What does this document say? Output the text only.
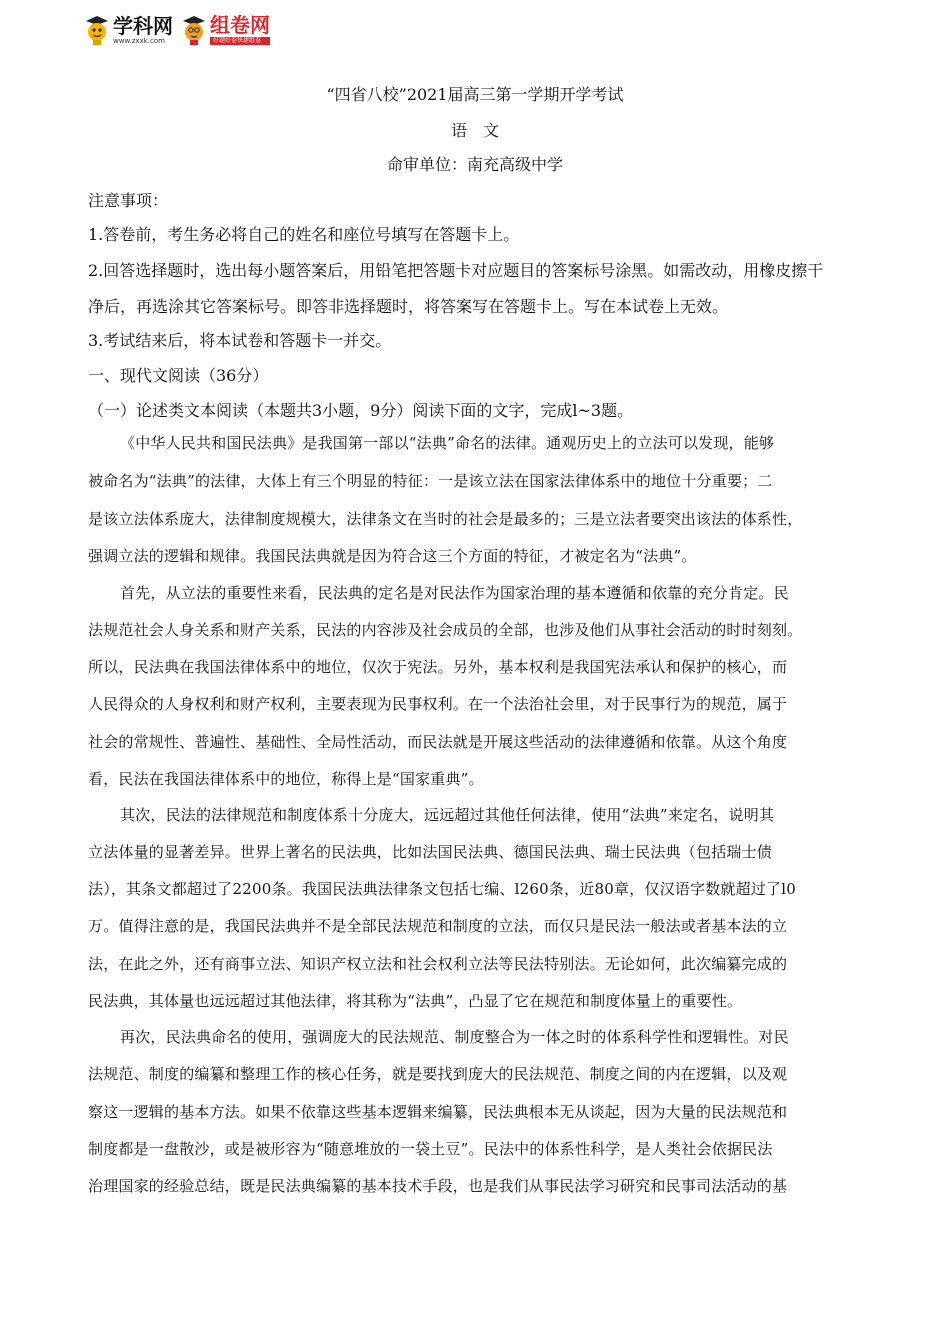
学科网
www.zxxk.com
组卷网
好题好卷快捷组卷
“四省八校”2021届高三第一学期开学考试
语　文
命审单位：南充高级中学
注意事项：
1.答卷前，考生务必将自己的姓名和座位号填写在答题卡上。
2.回答选择题时，选出每小题答案后，用铅笔把答题卡对应题目的答案标号涂黑。如需改动，用橡皮擦干
净后，再选涂其它答案标号。即答非选择题时，将答案写在答题卡上。写在本试卷上无效。
3.考试结来后，将本试卷和答题卡一并交。
一、现代文阅读（36分）
（一）论述类文本阅读（本题共3小题，9分）阅读下面的文字，完成l~3题。
《中华人民共和国民法典》是我国第一部以“法典”命名的法律。通观历史上的立法可以发现，能够
被命名为“法典”的法律，大体上有三个明显的特征：一是该立法在国家法律体系中的地位十分重要；二
是该立法体系庞大，法律制度规模大，法律条文在当时的社会是最多的；三是立法者要突出该法的体系性，
强调立法的逻辑和规律。我国民法典就是因为符合这三个方面的特征，才被定名为“法典”。
首先，从立法的重要性来看，民法典的定名是对民法作为国家治理的基本遵循和依靠的充分肯定。民
法规范社会人身关系和财产关系，民法的内容涉及社会成员的全部，也涉及他们从事社会活动的时时刻刻。
所以，民法典在我国法律体系中的地位，仅次于宪法。另外，基本权利是我国宪法承认和保护的核心，而
人民得众的人身权利和财产权利，主要表现为民事权利。在一个法治社会里，对于民事行为的规范，属于
社会的常规性、普遍性、基础性、全局性活动，而民法就是开展这些活动的法律遵循和依靠。从这个角度
看，民法在我国法律体系中的地位，称得上是“国家重典”。
其次，民法的法律规范和制度体系十分庞大，远远超过其他任何法律，使用“法典”来定名，说明其
立法体量的显著差异。世界上著名的民法典，比如法国民法典、德国民法典、瑞士民法典（包括瑞士债
法），其条文都超过了2200条。我国民法典法律条文包括七编、l260条，近80章，仅汉语字数就超过了l0
万。值得注意的是，我国民法典并不是全部民法规范和制度的立法，而仅只是民法一般法或者基本法的立
法，在此之外，还有商事立法、知识产权立法和社会权利立法等民法特别法。无论如何，此次编纂完成的
民法典，其体量也远远超过其他法律，将其称为“法典”，凸显了它在规范和制度体量上的重要性。
再次，民法典命名的使用，强调庞大的民法规范、制度整合为一体之时的体系科学性和逻辑性。对民
法规范、制度的编纂和整理工作的核心任务，就是要找到庞大的民法规范、制度之间的内在逻辑，以及观
察这一逻辑的基本方法。如果不依靠这些基本逻辑来编纂，民法典根本无从谈起，因为大量的民法规范和
制度都是一盘散沙，或是被形容为“随意堆放的一袋土豆”。民法中的体系性科学，是人类社会依据民法
治理国家的经验总结，既是民法典编纂的基本技术手段，也是我们从事民法学习研究和民事司法活动的基
